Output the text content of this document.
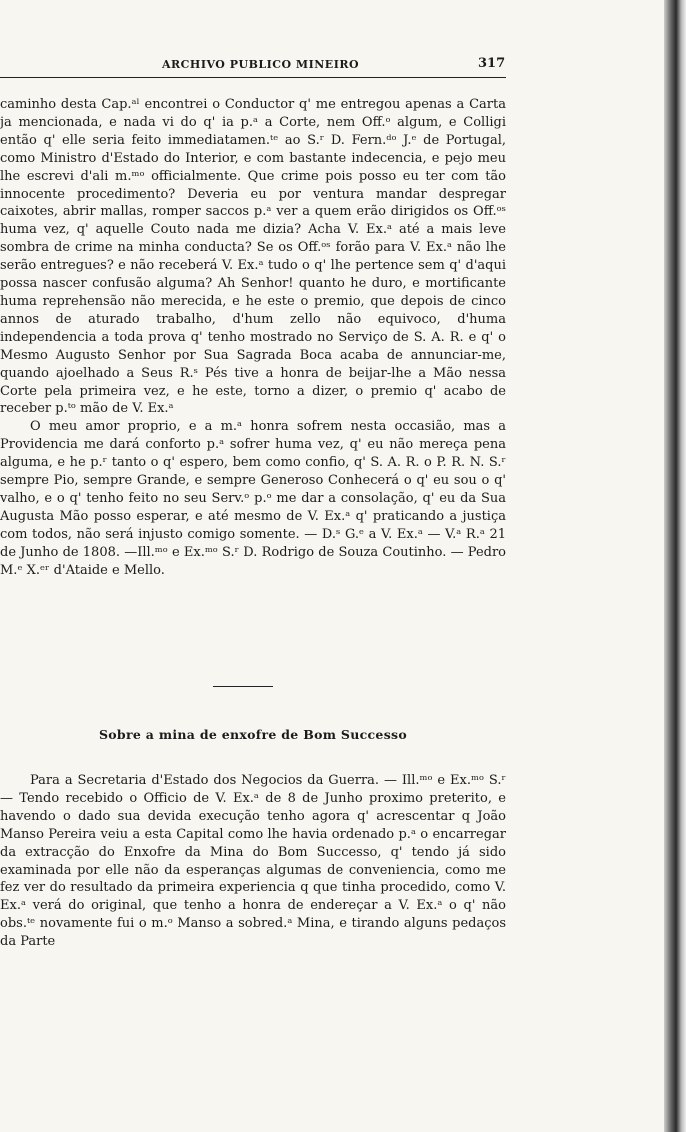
ARCHIVO PUBLICO MINEIRO	317

caminho desta Cap.ᵃˡ encontrei o Conductor q' me entregou apenas a Carta ja mencionada, e nada vi do q' ia p.ᵃ a Corte, nem Off.ᵒ algum, e Colligi então q' elle seria feito immediatamen.ᵗᵉ ao S.ʳ D. Fern.ᵈᵒ J.ᵉ de Portugal, como Ministro d'Estado do Interior, e com bastante indecencia, e pejo meu lhe escrevi d'ali m.ᵐᵒ officialmente. Que crime pois posso eu ter com tão innocente procedimento? Deveria eu por ventura mandar despregar caixotes, abrir mallas, romper saccos p.ᵃ ver a quem erão dirigidos os Off.ᵒˢ huma vez, q' aquelle Couto nada me dizia? Acha V. Ex.ᵃ até a mais leve sombra de crime na minha conducta? Se os Off.ᵒˢ forão para V. Ex.ᵃ não lhe serão entregues? e não receberá V. Ex.ᵃ tudo o q' lhe pertence sem q' d'aqui possa nascer confusão alguma? Ah Senhor! quanto he duro, e mortificante huma reprehensão não merecida, e he este o premio, que depois de cinco annos de aturado trabalho, d'hum zello não equivoco, d'huma independencia a toda prova q' tenho mostrado no Serviço de S. A. R. e q' o Mesmo Augusto Senhor por Sua Sagrada Boca acaba de annunciar-me, quando ajoelhado a Seus R.ˢ Pés tive a honra de beijar-lhe a Mão nessa Corte pela primeira vez, e he este, torno a dizer, o premio q' acabo de receber p.ᵗᵒ mão de V. Ex.ᵃ

O meu amor proprio, e a m.ᵃ honra sofrem nesta occasião, mas a Providencia me dará conforto p.ᵃ sofrer huma vez, q' eu não mereça pena alguma, e he p.ʳ tanto o q' espero, bem como confio, q' S. A. R. o P. R. N. S.ʳ sempre Pio, sempre Grande, e sempre Generoso Conhecerá o q' eu sou o q' valho, e o q' tenho feito no seu Serv.ᵒ p.ᵒ me dar a consolação, q' eu da Sua Augusta Mão posso esperar, e até mesmo de V. Ex.ᵃ q' praticando a justiça com todos, não será injusto comigo somente. — D.ˢ G.ᵉ a V. Ex.ᵃ — V.ᵃ R.ᵃ 21 de Junho de 1808. —Ill.ᵐᵒ e Ex.ᵐᵒ S.ʳ D. Rodrigo de Souza Coutinho. — Pedro M.ᵉ X.ᵉʳ d'Ataide e Mello.

Sobre a mina de enxofre de Bom Successo

Para a Secretaria d'Estado dos Negocios da Guerra. — Ill.ᵐᵒ e Ex.ᵐᵒ S.ʳ — Tendo recebido o Officio de V. Ex.ᵃ de 8 de Junho proximo preterito, e havendo o dado sua devida execução tenho agora q' acrescentar q João Manso Pereira veiu a esta Capital como lhe havia ordenado p.ᵃ o encarregar da extracção do Enxofre da Mina do Bom Successo, q' tendo já sido examinada por elle não da esperanças algumas de conveniencia, como me fez ver do resultado da primeira experiencia q que tinha procedido, como V. Ex.ᵃ verá do original, que tenho a honra de endereçar a V. Ex.ᵃ o q' não obs.ᵗᵉ novamente fui o m.ᵒ Manso a sobred.ᵃ Mina, e tirando alguns pedaços da Parte
